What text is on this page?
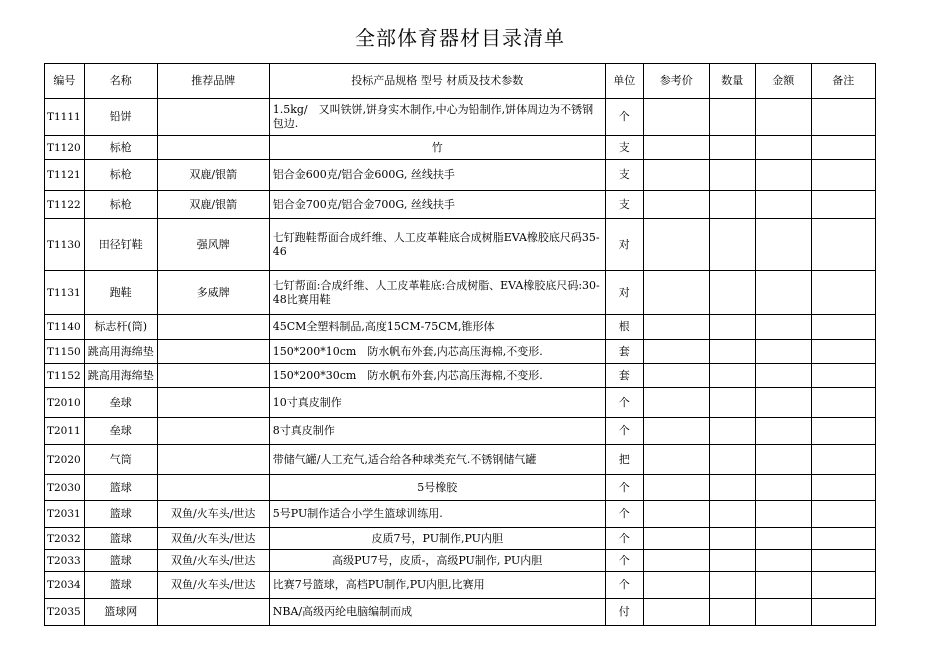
全部体育器材目录清单
编号	名称	推荐品牌	投标产品规格 型号 材质及技术参数	单位	参考价	数量	金额	备注
T1111	铅饼		1.5kg/　又叫铁饼,饼身实木制作,中心为铅制作,饼体周边为不锈钢包边.	个				
T1120	标枪		竹	支				
T1121	标枪	双鹿/银箭	铝合金600克/铝合金600G, 丝线扶手	支				
T1122	标枪	双鹿/银箭	铝合金700克/铝合金700G, 丝线扶手	支				
T1130	田径钉鞋	强风牌	七钉跑鞋帮面合成纤维、人工皮革鞋底合成树脂EVA橡胶底尺码35-46	对				
T1131	跑鞋	多威牌	七钉帮面:合成纤维、人工皮革鞋底:合成树脂、EVA橡胶底尺码:30-48比赛用鞋	对				
T1140	标志杆(筒)		45CM全塑料制品,高度15CM-75CM,锥形体	根				
T1150	跳高用海绵垫		150*200*10cm　防水帆布外套,内芯高压海棉,不变形.	套				
T1152	跳高用海绵垫		150*200*30cm　防水帆布外套,内芯高压海棉,不变形.	套				
T2010	垒球		10寸真皮制作	个				
T2011	垒球		8寸真皮制作	个				
T2020	气筒		带储气罐/人工充气,适合给各种球类充气.不锈钢储气罐	把				
T2030	篮球		5号橡胶	个				
T2031	篮球	双鱼/火车头/世达	5号PU制作适合小学生篮球训练用.	个				
T2032	篮球	双鱼/火车头/世达	皮质7号，PU制作,PU内胆	个				
T2033	篮球	双鱼/火车头/世达	高级PU7号，皮质-，高级PU制作, PU内胆	个				
T2034	篮球	双鱼/火车头/世达	比赛7号篮球，高档PU制作,PU内胆,比赛用	个				
T2035	篮球网		NBA/高级丙纶电脑编制而成	付				
